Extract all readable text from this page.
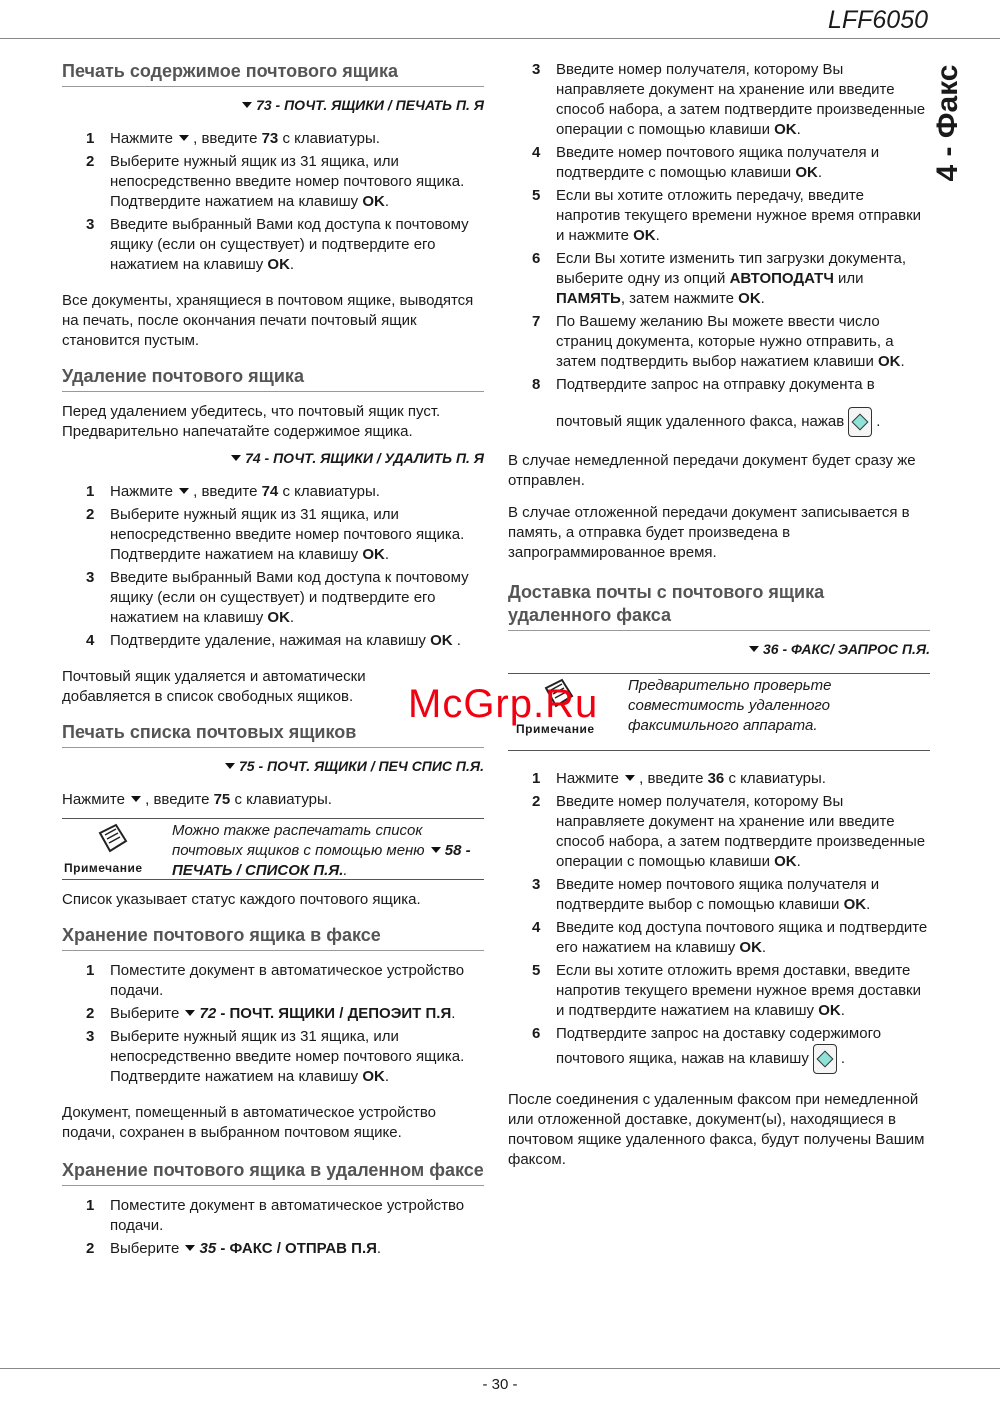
LFF6050
4 - Факс
Печать содержимое почтового ящика
73 - ПОЧТ. ЯЩИКИ / ПЕЧАТЬ П. Я
1 Нажмите , введите 73 с клавиатуры.
2 Выберите нужный ящик из 31 ящика, или непосредственно введите номер почтового ящика. Подтвердите нажатием на клавишу OK.
3 Введите выбранный Вами код доступа к почтовому ящику (если он существует) и подтвердите его нажатием на клавишу OK.

Все документы, хранящиеся в почтовом ящике, выводятся на печать, после окончания печати почтовый ящик становится пустым.

Удаление почтового ящика

Перед удалением убедитесь, что почтовый ящик пуст. Предварительно напечатайте содержимое ящика.

74 - ПОЧТ. ЯЩИКИ / УДАЛИТЬ П. Я
1 Нажмите , введите 74 с клавиатуры.
2 Выберите нужный ящик из 31 ящика, или непосредственно введите номер почтового ящика. Подтвердите нажатием на клавишу OK.
3 Введите выбранный Вами код доступа к почтовому ящику (если он существует) и подтвердите его нажатием на клавишу OK.
4 Подтвердите удаление, нажимая на клавишу OK .

Почтовый ящик удаляется и автоматически добавляется в список свободных ящиков.

Печать списка почтовых ящиков
75 - ПОЧТ. ЯЩИКИ / ПЕЧ СПИС П.Я.

Нажмите , введите 75 с клавиатуры.

Примечание
Можно также распечатать список почтовых ящиков с помощью меню 58 - ПЕЧАТЬ / СПИСОК П.Я..

Список указывает статус каждого почтового ящика.

Хранение почтового ящика в факсе
1 Поместите документ в автоматическое устройство подачи.
2 Выберите 72 - ПОЧТ. ЯЩИКИ / ДЕПОЭИТ П.Я.
3 Выберите нужный ящик из 31 ящика, или непосредственно введите номер почтового ящика. Подтвердите нажатием на клавишу OK.

Документ, помещенный в автоматическое устройство подачи, сохранен в выбранном почтовом ящике.

Хранение почтового ящика в удаленном факсе
1 Поместите документ в автоматическое устройство подачи.
2 Выберите 35 - ФАКС / ОТПРАВ П.Я.
3 Введите номер получателя, которому Вы направляете документ на хранение или введите способ набора, а затем подтвердите произведенные операции с помощью клавиши OK.
4 Введите номер почтового ящика получателя и подтвердите с помощью клавиши OK.
5 Если вы хотите отложить передачу, введите напротив текущего времени нужное время отправки и нажмите OK.
6 Если Вы хотите изменить тип загрузки документа, выберите одну из опций АВТОПОДАТЧ или ПАМЯТЬ, затем нажмите OK.
7 По Вашему желанию Вы можете ввести число страниц документа, которые нужно отправить, а затем подтвердить выбор нажатием клавиши OK.
8 Подтвердите запрос на отправку документа в
почтовый ящик удаленного факса, нажав .

В случае немедленной передачи документ будет сразу же отправлен.

В случае отложенной передачи документ записывается в память, а отправка будет произведена в запрограммированное время.

Доставка почты с почтового ящика удаленного факса
36 - ФАКС/ ЭАПРОС П.Я.
Примечание
Предварительно проверьте совместимость удаленного факсимильного аппарата.
1 Нажмите , введите 36 с клавиатуры.
2 Введите номер получателя, которому Вы направляете документ на хранение или введите способ набора, а затем подтвердите произведенные операции с помощью клавиши OK.
3 Введите номер почтового ящика получателя и подтвердите выбор с помощью клавиши OK.
4 Введите код доступа почтового ящика и подтвердите его нажатием на клавишу OK.
5 Если вы хотите отложить время доставки, введите напротив текущего времени нужное время доставки и подтвердите нажатием на клавишу OK.
6 Подтвердите запрос на доставку содержимого почтового ящика, нажав на клавишу .

После соединения с удаленным факсом при немедленной или отложенной доставке, документ(ы), находящиеся в почтовом ящике удаленного факса, будут получены Вашим факсом.

McGrp.Ru
- 30 -
